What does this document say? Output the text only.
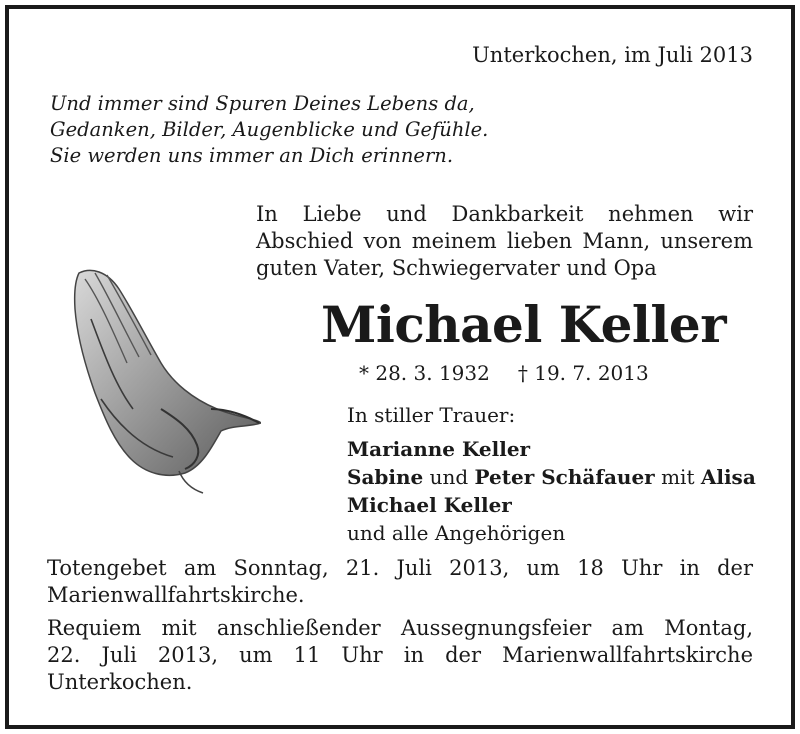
Unterkochen, im Juli 2013
Und immer sind Spuren Deines Lebens da,
Gedanken, Bilder, Augenblicke und Gefühle.
Sie werden uns immer an Dich erinnern.
In Liebe und Dankbarkeit nehmen wir
Abschied von meinem lieben Mann, unserem
guten Vater, Schwiegervater und Opa
Michael Keller
* 28. 3. 1932 † 19. 7. 2013
In stiller Trauer:
Marianne Keller
Sabine und Peter Schäfauer mit Alisa
Michael Keller
und alle Angehörigen
Totengebet am Sonntag, 21. Juli 2013, um 18 Uhr in der
Marienwallfahrtskirche.
Requiem mit anschließender Aussegnungsfeier am Montag,
22. Juli 2013, um 11 Uhr in der Marienwallfahrtskirche
Unterkochen.
